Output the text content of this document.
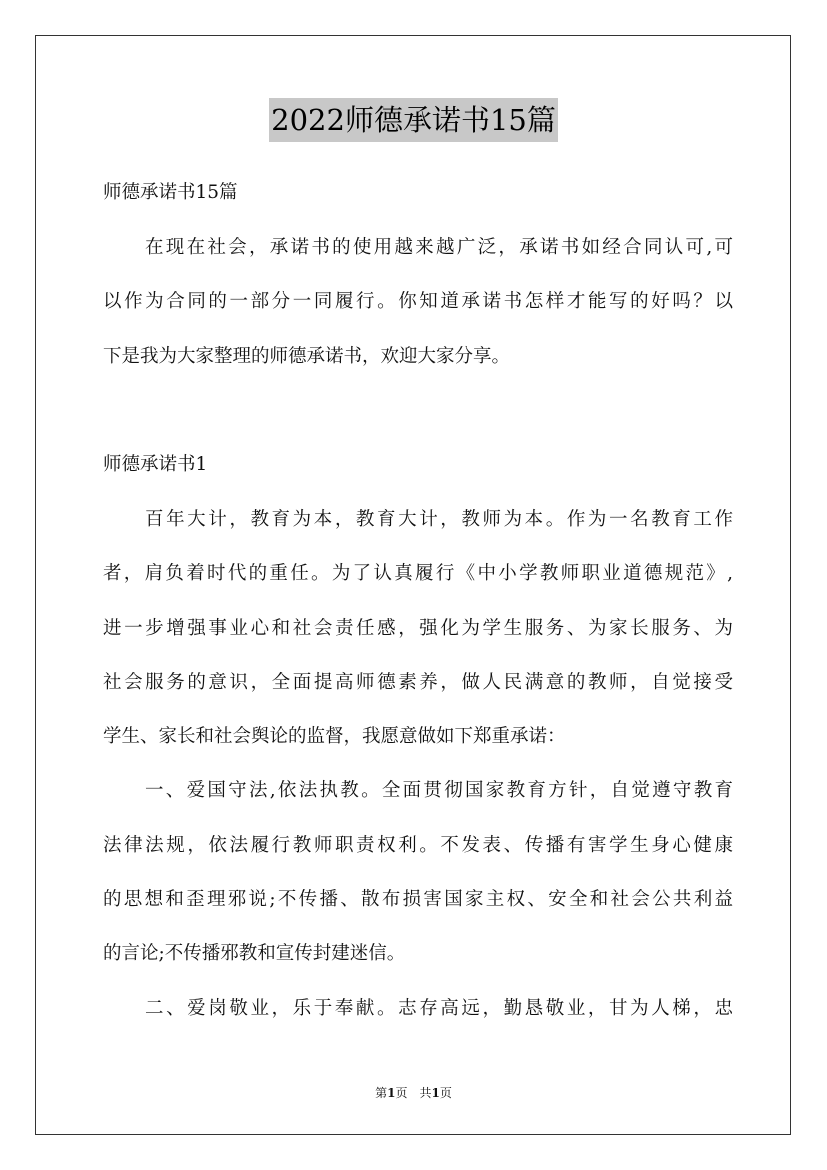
2022师德承诺书15篇
师德承诺书15篇
在现在社会，承诺书的使用越来越广泛，承诺书如经合同认可,可
以作为合同的一部分一同履行。你知道承诺书怎样才能写的好吗？以
下是我为大家整理的师德承诺书，欢迎大家分享。
师德承诺书1
百年大计，教育为本，教育大计，教师为本。作为一名教育工作
者，肩负着时代的重任。为了认真履行《中小学教师职业道德规范》,
进一步增强事业心和社会责任感，强化为学生服务、为家长服务、为
社会服务的意识，全面提高师德素养，做人民满意的教师，自觉接受
学生、家长和社会舆论的监督，我愿意做如下郑重承诺：
一、爱国守法,依法执教。全面贯彻国家教育方针，自觉遵守教育
法律法规，依法履行教师职责权利。不发表、传播有害学生身心健康
的思想和歪理邪说;不传播、散布损害国家主权、安全和社会公共利益
的言论;不传播邪教和宣传封建迷信。
二、爱岗敬业，乐于奉献。志存高远，勤恳敬业，甘为人梯，忠
第1页 共1页
